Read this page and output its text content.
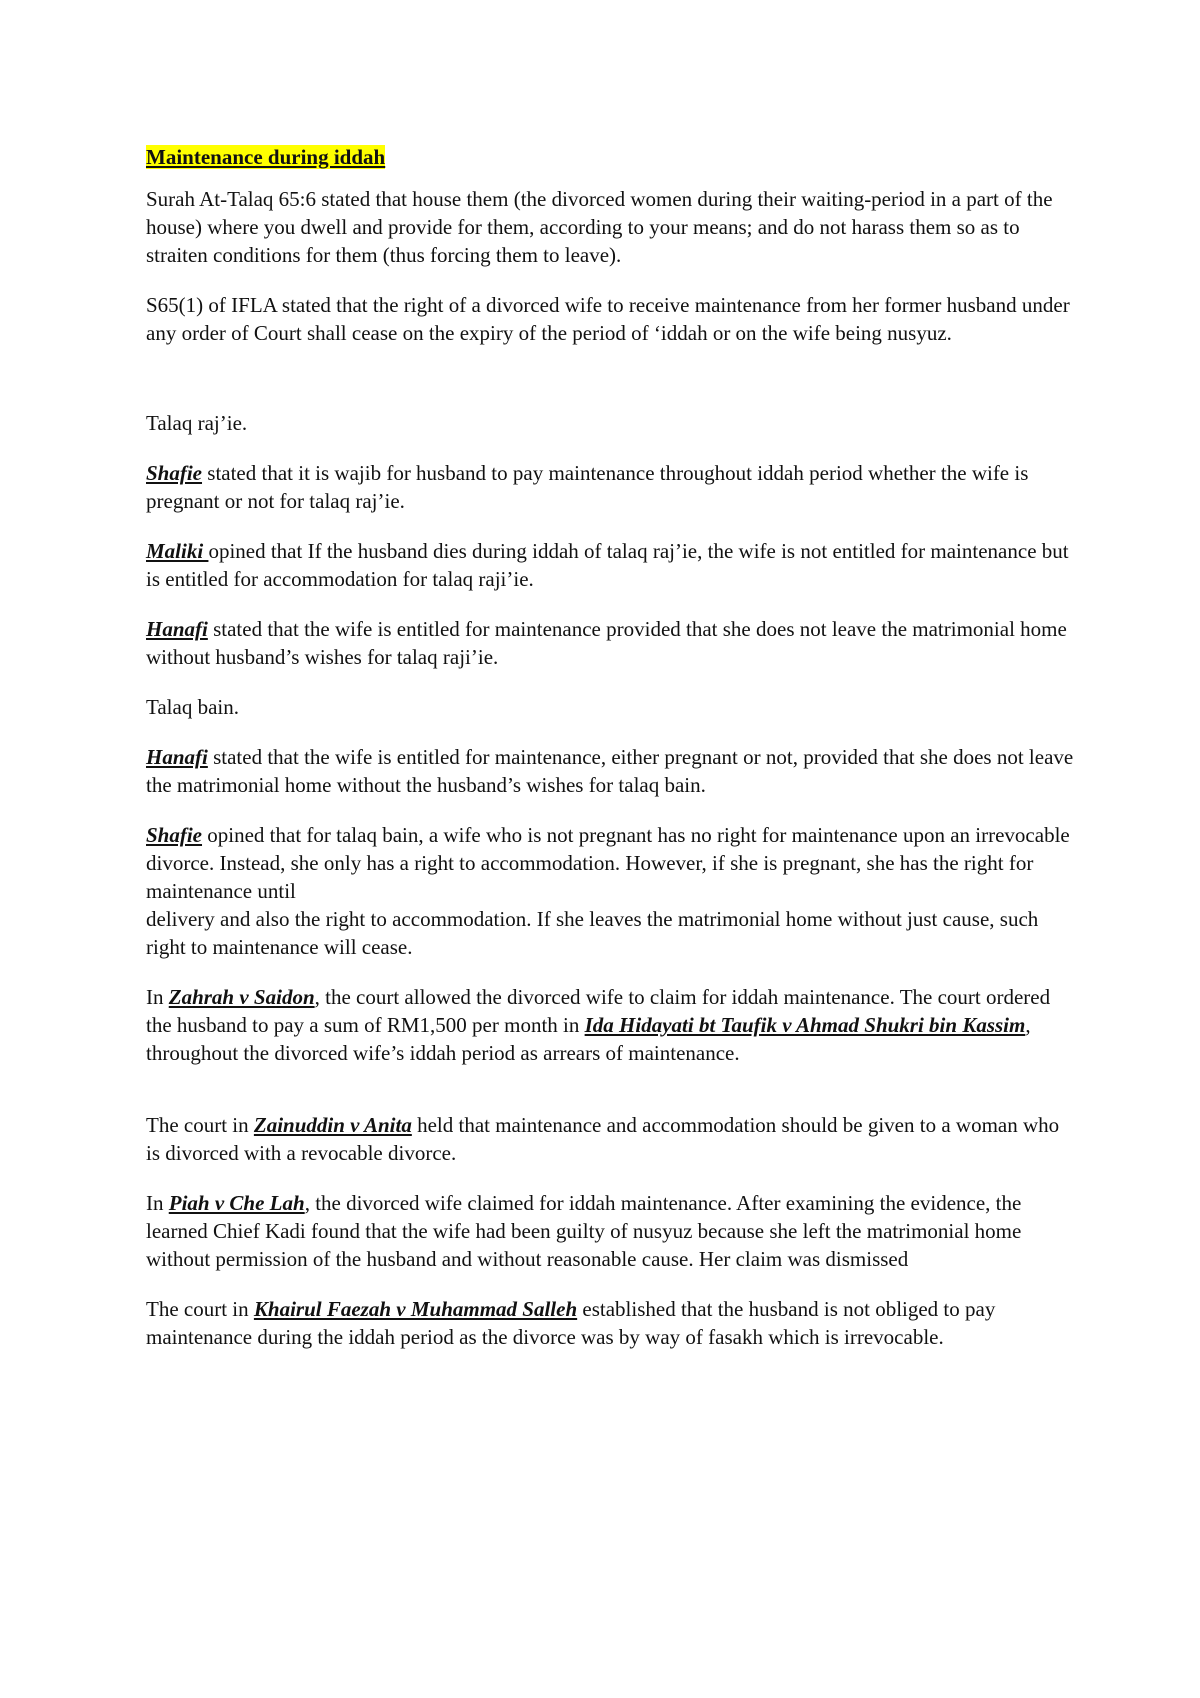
Maintenance during iddah

Surah At-Talaq 65:6 stated that house them (the divorced women during their waiting-period in a part of the house) where you dwell and provide for them, according to your means; and do not harass them so as to straiten conditions for them (thus forcing them to leave).

S65(1) of IFLA stated that the right of a divorced wife to receive maintenance from her former husband under any order of Court shall cease on the expiry of the period of ‘iddah or on the wife being nusyuz.

Talaq raj’ie.

Shafie stated that it is wajib for husband to pay maintenance throughout iddah period whether the wife is pregnant or not for talaq raj’ie.

Maliki opined that If the husband dies during iddah of talaq raj’ie, the wife is not entitled for maintenance but is entitled for accommodation for talaq raji’ie.

Hanafi stated that the wife is entitled for maintenance provided that she does not leave the matrimonial home without husband’s wishes for talaq raji’ie.

Talaq bain.

Hanafi stated that the wife is entitled for maintenance, either pregnant or not, provided that she does not leave the matrimonial home without the husband’s wishes for talaq bain.

Shafie opined that for talaq bain, a wife who is not pregnant has no right for maintenance upon an irrevocable divorce. Instead, she only has a right to accommodation. However, if she is pregnant, she has the right for maintenance until
delivery and also the right to accommodation. If she leaves the matrimonial home without just cause, such right to maintenance will cease.

In Zahrah v Saidon, the court allowed the divorced wife to claim for iddah maintenance. The court ordered the husband to pay a sum of RM1,500 per month in Ida Hidayati bt Taufik v Ahmad Shukri bin Kassim, throughout the divorced wife’s iddah period as arrears of maintenance.

The court in Zainuddin v Anita held that maintenance and accommodation should be given to a woman who is divorced with a revocable divorce.

In Piah v Che Lah, the divorced wife claimed for iddah maintenance. After examining the evidence, the learned Chief Kadi found that the wife had been guilty of nusyuz because she left the matrimonial home without permission of the husband and without reasonable cause. Her claim was dismissed

The court in Khairul Faezah v Muhammad Salleh established that the husband is not obliged to pay maintenance during the iddah period as the divorce was by way of fasakh which is irrevocable.
